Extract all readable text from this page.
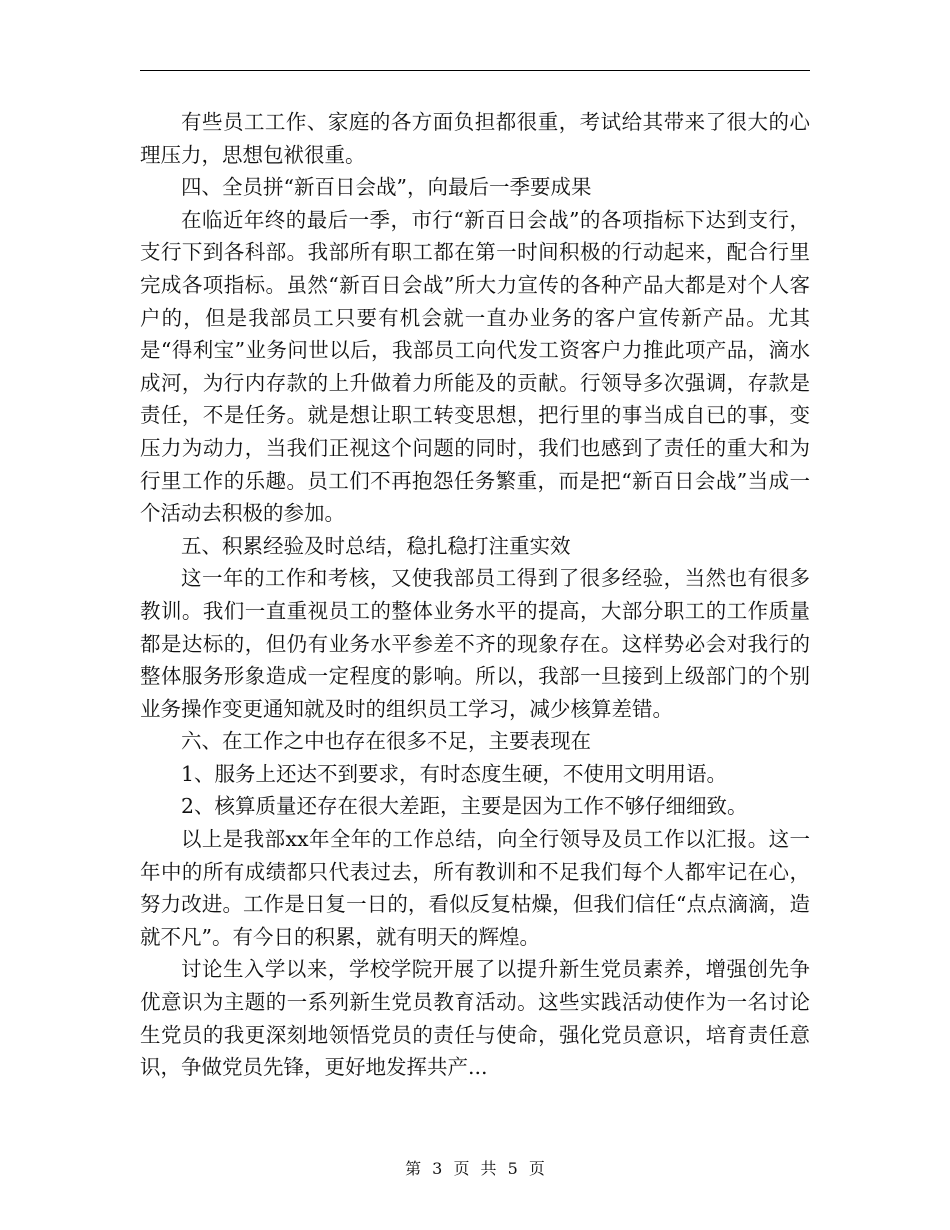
有些员工工作、家庭的各方面负担都很重，考试给其带来了很大的心理压力，思想包袱很重。

四、全员拼“新百日会战”，向最后一季要成果

在临近年终的最后一季，市行“新百日会战”的各项指标下达到支行，支行下到各科部。我部所有职工都在第一时间积极的行动起来，配合行里完成各项指标。虽然“新百日会战”所大力宣传的各种产品大都是对个人客户的，但是我部员工只要有机会就一直办业务的客户宣传新产品。尤其是“得利宝”业务问世以后，我部员工向代发工资客户力推此项产品，滴水成河，为行内存款的上升做着力所能及的贡献。行领导多次强调，存款是责任，不是任务。就是想让职工转变思想，把行里的事当成自已的事，变压力为动力，当我们正视这个问题的同时，我们也感到了责任的重大和为行里工作的乐趣。员工们不再抱怨任务繁重，而是把“新百日会战”当成一个活动去积极的参加。

五、积累经验及时总结，稳扎稳打注重实效

这一年的工作和考核，又使我部员工得到了很多经验，当然也有很多教训。我们一直重视员工的整体业务水平的提高，大部分职工的工作质量都是达标的，但仍有业务水平参差不齐的现象存在。这样势必会对我行的整体服务形象造成一定程度的影响。所以，我部一旦接到上级部门的个别业务操作变更通知就及时的组织员工学习，减少核算差错。

六、在工作之中也存在很多不足，主要表现在

1、服务上还达不到要求，有时态度生硬，不使用文明用语。

2、核算质量还存在很大差距，主要是因为工作不够仔细细致。

以上是我部xx年全年的工作总结，向全行领导及员工作以汇报。这一年中的所有成绩都只代表过去，所有教训和不足我们每个人都牢记在心，努力改进。工作是日复一日的，看似反复枯燥，但我们信任“点点滴滴，造就不凡”。有今日的积累，就有明天的辉煌。

讨论生入学以来，学校学院开展了以提升新生党员素养，增强创先争优意识为主题的一系列新生党员教育活动。这些实践活动使作为一名讨论生党员的我更深刻地领悟党员的责任与使命，强化党员意识，培育责任意识，争做党员先锋，更好地发挥共产...

第 3 页 共 5 页
